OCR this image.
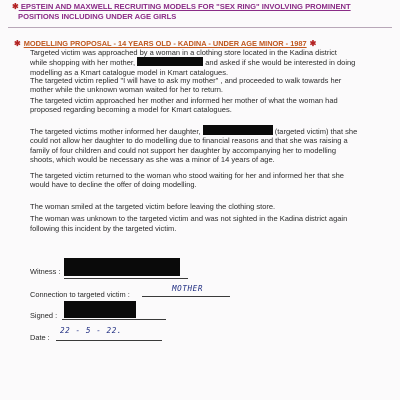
✱ EPSTEIN AND MAXWELL RECRUITING MODELS FOR "SEX RING" INVOLVING PROMINENT
POSITIONS INCLUDING UNDER AGE GIRLS
✱ MODELLING PROPOSAL - 14 YEARS OLD - KADINA - UNDER AGE MINOR - 1987 ✱
Targeted victim was approached by a woman in a clothing store located in the Kadina district
while shopping with her mother,	and asked if she would be interested in doing
modelling as a Kmart catalogue model in Kmart catalogues.
The targeted victim replied "I will have to ask my mother" , and proceeded to walk towards her
mother while the unknown woman waited for her to return.
The targeted victim approached her mother and informed her mother of what the woman had
proposed regarding becoming a model for Kmart catalogues.
The targeted victims mother informed her daughter,	(targeted victim) that she
could not allow her daughter to do modelling due to financial reasons and that she was raising a
family of four children and could not support her daughter by accompanying her to modelling
shoots, which would be necessary as she was a minor of 14 years of age.
The targeted victim returned to the woman who stood waiting for her and informed her that she
would have to decline the offer of doing modelling.
The woman smiled at the targeted victim before leaving the clothing store.
The woman was unknown to the targeted victim and was not sighted in the Kadina district again
following this incident by the targeted victim.
Witness :
Connection to targeted victim :
MOTHER
Signed :
Date :
22 - 5 - 22.
